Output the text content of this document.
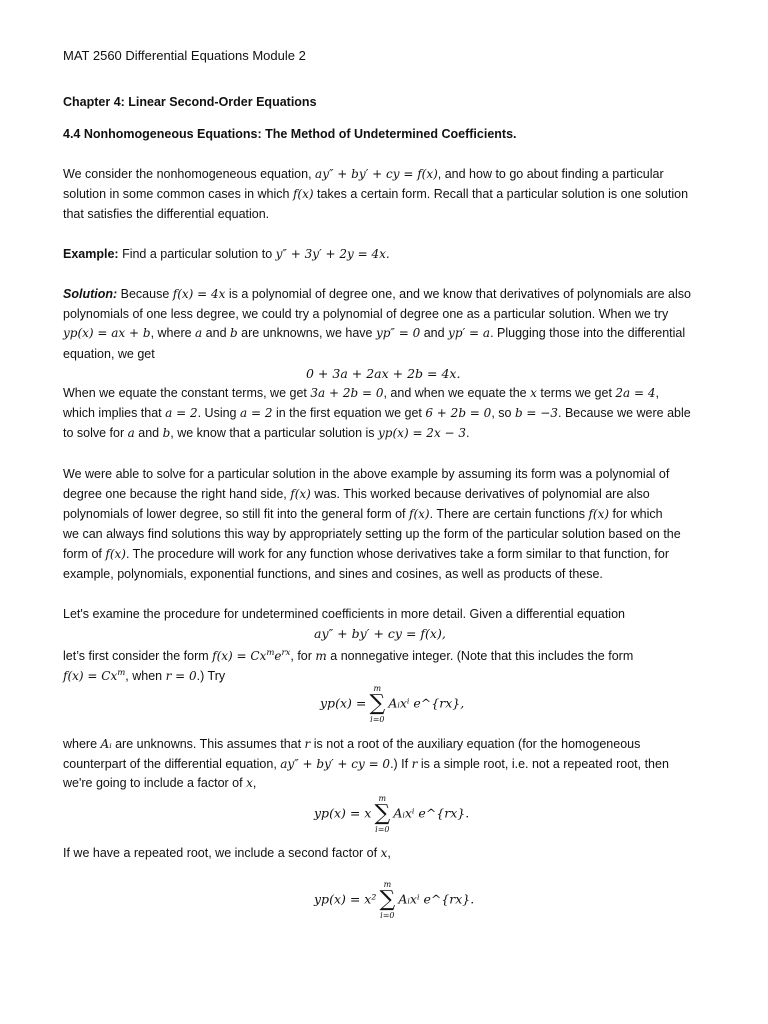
MAT 2560 Differential Equations Module 2
Chapter 4: Linear Second-Order Equations
4.4 Nonhomogeneous Equations: The Method of Undetermined Coefficients.
We consider the nonhomogeneous equation, ay″ + by′ + cy = f(x), and how to go about finding a particular
solution in some common cases in which f(x) takes a certain form. Recall that a particular solution is one solution
that satisfies the differential equation.
Example: Find a particular solution to y″ + 3y′ + 2y = 4x.
Solution: Because f(x) = 4x is a polynomial of degree one, and we know that derivatives of polynomials are also
polynomials of one less degree, we could try a polynomial of degree one as a particular solution. When we try
yp(x) = ax + b, where a and b are unknowns, we have yp″ = 0 and yp′ = a. Plugging those into the differential
equation, we get
0 + 3a + 2ax + 2b = 4x.
When we equate the constant terms, we get 3a + 2b = 0, and when we equate the x terms we get 2a = 4,
which implies that a = 2. Using a = 2 in the first equation we get 6 + 2b = 0, so b = −3. Because we were able
to solve for a and b, we know that a particular solution is yp(x) = 2x − 3.
We were able to solve for a particular solution in the above example by assuming its form was a polynomial of
degree one because the right hand side, f(x) was. This worked because derivatives of polynomial are also
polynomials of lower degree, so still fit into the general form of f(x). There are certain functions f(x) for which
we can always find solutions this way by appropriately setting up the form of the particular solution based on the
form of f(x). The procedure will work for any function whose derivatives take a form similar to that function, for
example, polynomials, exponential functions, and sines and cosines, as well as products of these.
Let's examine the procedure for undetermined coefficients in more detail. Given a differential equation
ay″ + by′ + cy = f(x),
let’s first consider the form $f(x) = Cx^me^{rx}$, for m a nonnegative integer. (Note that this includes the form
$f(x) = Cx^m$, when r = 0.) Try
yp(x) =
m
∑
i=0
Aᵢxⁱ e^{rx},
where Aᵢ are unknowns. This assumes that r is not a root of the auxiliary equation (for the homogeneous
counterpart of the differential equation, ay″ + by′ + cy = 0.) If r is a simple root, i.e. not a repeated root, then
we're going to include a factor of x,
yp(x) = x
m
∑
i=0
Aᵢxⁱ e^{rx}.
If we have a repeated root, we include a second factor of x,
yp(x) = x²
m
∑
i=0
Aᵢxⁱ e^{rx}.
